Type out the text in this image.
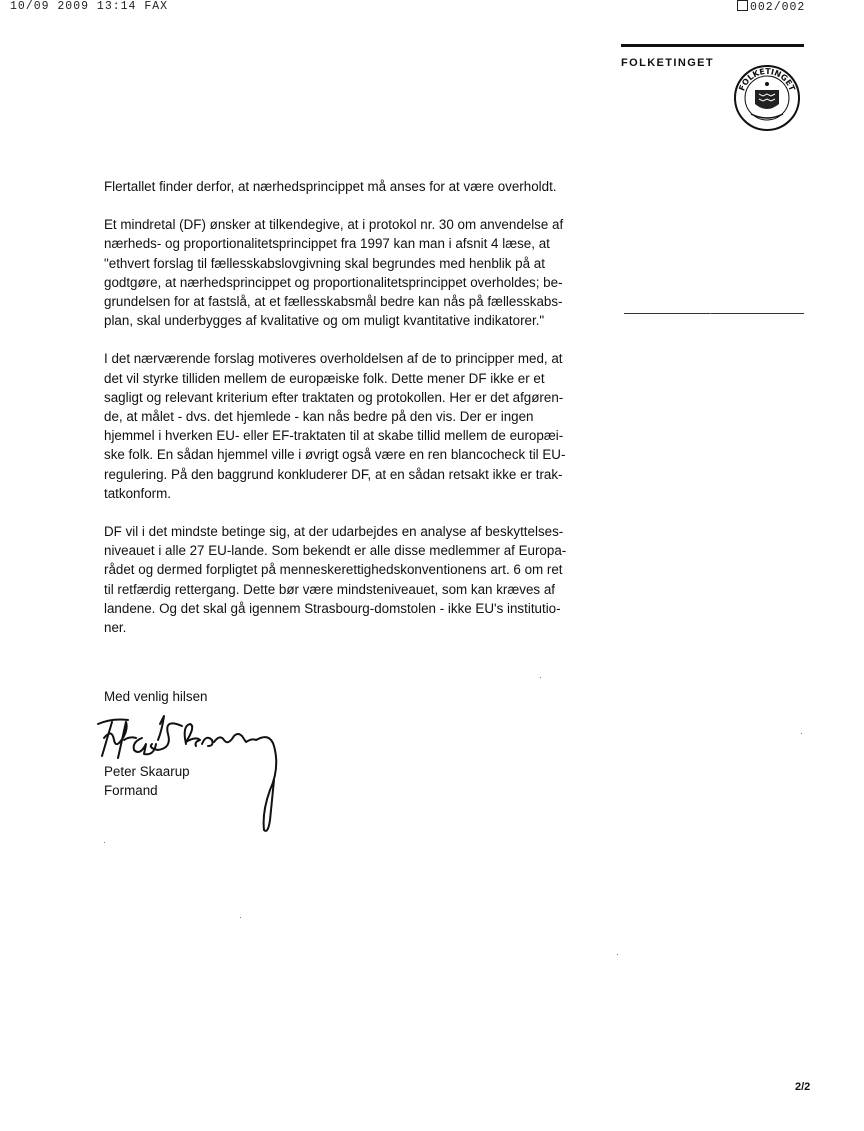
10/09 2009 13:14 FAX	002/002
FOLKETINGET
FOLKETINGET

Flertallet finder derfor, at nærhedsprincippet må anses for at være overholdt.

Et mindretal (DF) ønsker at tilkendegive, at i protokol nr. 30 om anvendelse af
nærheds- og proportionalitetsprincippet fra 1997 kan man i afsnit 4 læse, at
"ethvert forslag til fællesskabslovgivning skal begrundes med henblik på at
godtgøre, at nærhedsprincippet og proportionalitetsprincippet overholdes; be-
grundelsen for at fastslå, at et fællesskabsmål bedre kan nås på fællesskabs-
plan, skal underbygges af kvalitative og om muligt kvantitative indikatorer."

I det nærværende forslag motiveres overholdelsen af de to principper med, at
det vil styrke tilliden mellem de europæiske folk. Dette mener DF ikke er et
sagligt og relevant kriterium efter traktaten og protokollen. Her er det afgøren-
de, at målet - dvs. det hjemlede - kan nås bedre på den vis. Der er ingen
hjemmel i hverken EU- eller EF-traktaten til at skabe tillid mellem de europæi-
ske folk. En sådan hjemmel ville i øvrigt også være en ren blancocheck til EU-
regulering. På den baggrund konkluderer DF, at en sådan retsakt ikke er trak-
tatkonform.

DF vil i det mindste betinge sig, at der udarbejdes en analyse af beskyttelses-
niveauet i alle 27 EU-lande. Som bekendt er alle disse medlemmer af Europa-
rådet og dermed forpligtet på menneskerettighedskonventionens art. 6 om ret
til retfærdig rettergang. Dette bør være mindsteniveauet, som kan kræves af
landene. Og det skal gå igennem Strasbourg-domstolen - ikke EU's institutio-
ner.

Med venlig hilsen
Peter Skaarup
Formand
2/2
